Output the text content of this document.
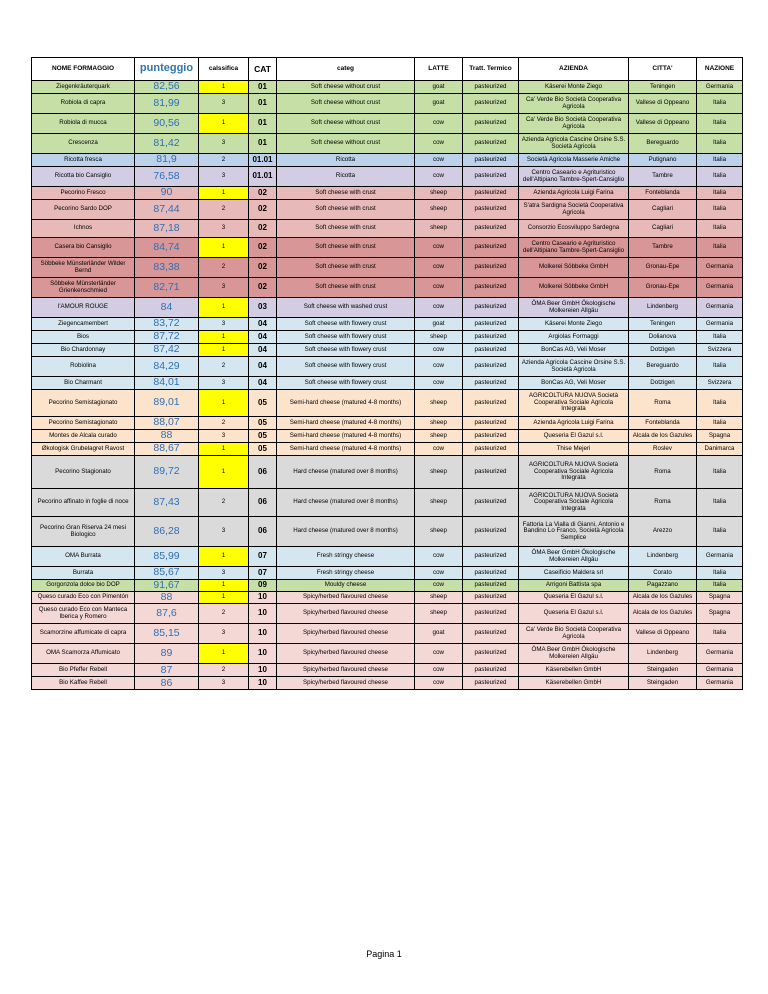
NOME FORMAGGIO	punteggio	calssifica	CAT	categ	LATTE	Tratt. Termico	AZIENDA	CITTA'	NAZIONE
Ziegenkräuterquark	82,56	1	01	Soft cheese without crust	goat	pasteurized	Käserei Monte Ziego	Teningen	Germania
Robiola di capra	81,99	3	01	Soft cheese without crust	goat	pasteurized	Ca' Verde Bio Società Cooperativa Agricola	Vallese di Oppeano	Italia
Robiola di mucca	90,56	1	01	Soft cheese without crust	cow	pasteurized	Ca' Verde Bio Società Cooperativa Agricola	Vallese di Oppeano	Italia
Crescenza	81,42	3	01	Soft cheese without crust	cow	pasteurized	Azienda Agricola Cascine Orsine S.S. Società Agricola	Bereguardo	Italia
Ricotta fresca	81,9	2	01.01	Ricotta	cow	pasteurized	Società Agricola Masserie Amiche	Putignano	Italia
Ricotta bio Cansiglio	76,58	3	01.01	Ricotta	cow	pasteurized	Centro Caseario e Agrituristico dell'Altipiano Tambre-Spert-Cansiglio	Tambre	Italia
Pecorino Fresco	90	1	02	Soft cheese with crust	sheep	pasteurized	Azienda Agricola Luigi Farina	Fonteblanda	Italia
Pecorino Sardo DOP	87,44	2	02	Soft cheese with crust	sheep	pasteurized	S'atra Sardigna Società Cooperativa Agricola	Cagliari	Italia
Ichnos	87,18	3	02	Soft cheese with crust	sheep	pasteurized	Consorzio Ecosviluppo Sardegna	Cagliari	Italia
Casera bio Cansiglio	84,74	1	02	Soft cheese with crust	cow	pasteurized	Centro Caseario e Agrituristico dell'Altipiano Tambre-Spert-Cansiglio	Tambre	Italia
Söbbeke Münsterländer Wilder Bernd	83,38	2	02	Soft cheese with crust	cow	pasteurized	Molkerei Söbbeke GmbH	Gronau-Epe	Germania
Söbbeke Münsterländer Grienkenschmied	82,71	3	02	Soft cheese with crust	cow	pasteurized	Molkerei Söbbeke GmbH	Gronau-Epe	Germania
l'AMOUR ROUGE	84	1	03	Soft cheese with washed crust	cow	pasteurized	ÖMA Beer GmbH Ökologische Molkereien Allgäu	Lindenberg	Germania
Ziegencamembert	83,72	3	04	Soft cheese with flowery crust	goat	pasteurized	Käserei Monte Ziego	Teningen	Germania
Bios	87,72	1	04	Soft cheese with flowery crust	sheep	pasteurized	Argiolas Formaggi	Dolianova	Italia
Bio Chardonnay	87,42	1	04	Soft cheese with flowery crust	cow	pasteurized	BonCas AG, Veli Moser	Dotzigen	Svizzera
Robiolina	84,29	2	04	Soft cheese with flowery crust	cow	pasteurized	Azienda Agricola Cascine Orsine S.S. Società Agricola	Bereguardo	Italia
Bio Charmant	84,01	3	04	Soft cheese with flowery crust	cow	pasteurized	BonCas AG, Veli Moser	Dotzigen	Svizzera
Pecorino Semistagionato	89,01	1	05	Semi-hard cheese (matured 4-8 months)	sheep	pasteurized	AGRICOLTURA NUOVA Società Cooperativa Sociale Agricola Integrata	Roma	Italia
Pecorino Semistagionato	88,07	2	05	Semi-hard cheese (matured 4-8 months)	sheep	pasteurized	Azienda Agricola Luigi Farina	Fonteblanda	Italia
Montes de Alcala curado	88	3	05	Semi-hard cheese (matured 4-8 months)	sheep	pasteurized	Queseria El Gazul s.l.	Alcala de los Gazules	Spagna
Økologisk Grubelagret Ravost	88,67	1	05	Semi-hard cheese (matured 4-8 months)	cow	pasteurized	Thise Mejeri	Roslev	Danimarca
Pecorino Stagionato	89,72	1	06	Hard cheese (matured over 8 months)	sheep	pasteurized	AGRICOLTURA NUOVA Società Cooperativa Sociale Agricola Integrata	Roma	Italia
Pecorino affinato in foglie di noce	87,43	2	06	Hard cheese (matured over 8 months)	sheep	pasteurized	AGRICOLTURA NUOVA Società Cooperativa Sociale Agricola Integrata	Roma	Italia
Pecorino Gran Riserva 24 mesi Biologico	86,28	3	06	Hard cheese (matured over 8 months)	sheep	pasteurized	Fattoria La Vialla di Gianni, Antonio e Bandino Lo Franco, Società Agricola Semplice	Arezzo	Italia
OMA Burrata	85,99	1	07	Fresh stringy cheese	cow	pasteurized	ÖMA Beer GmbH Ökologische Molkereien Allgäu	Lindenberg	Germania
Burrata	85,67	3	07	Fresh stringy cheese	cow	pasteurized	Caseificio Maldera srl	Corato	Italia
Gorgonzola dolce bio DOP	91,67	1	09	Mouldy cheese	cow	pasteurized	Arrigoni Battista spa	Pagazzano	Italia
Queso curado Eco con Pimentón	88	1	10	Spicy/herbed flavoured cheese	sheep	pasteurized	Queseria El Gazul s.l.	Alcala de los Gazules	Spagna
Queso curado Eco con Manteca Iberica y Romero	87,6	2	10	Spicy/herbed flavoured cheese	sheep	pasteurized	Queseria El Gazul s.l.	Alcala de los Gazules	Spagna
Scamorzine affumicate di capra	85,15	3	10	Spicy/herbed flavoured cheese	goat	pasteurized	Ca' Verde Bio Società Cooperativa Agricola	Vallese di Oppeano	Italia
OMA Scamorza Affumicato	89	1	10	Spicy/herbed flavoured cheese	cow	pasteurized	ÖMA Beer GmbH Ökologische Molkereien Allgäu	Lindenberg	Germania
Bio Pfeffer Rebell	87	2	10	Spicy/herbed flavoured cheese	cow	pasteurized	Käserebellen GmbH	Steingaden	Germania
Bio Kaffee Rebell	86	3	10	Spicy/herbed flavoured cheese	cow	pasteurized	Käserebellen GmbH	Steingaden	Germania
Pagina 1
